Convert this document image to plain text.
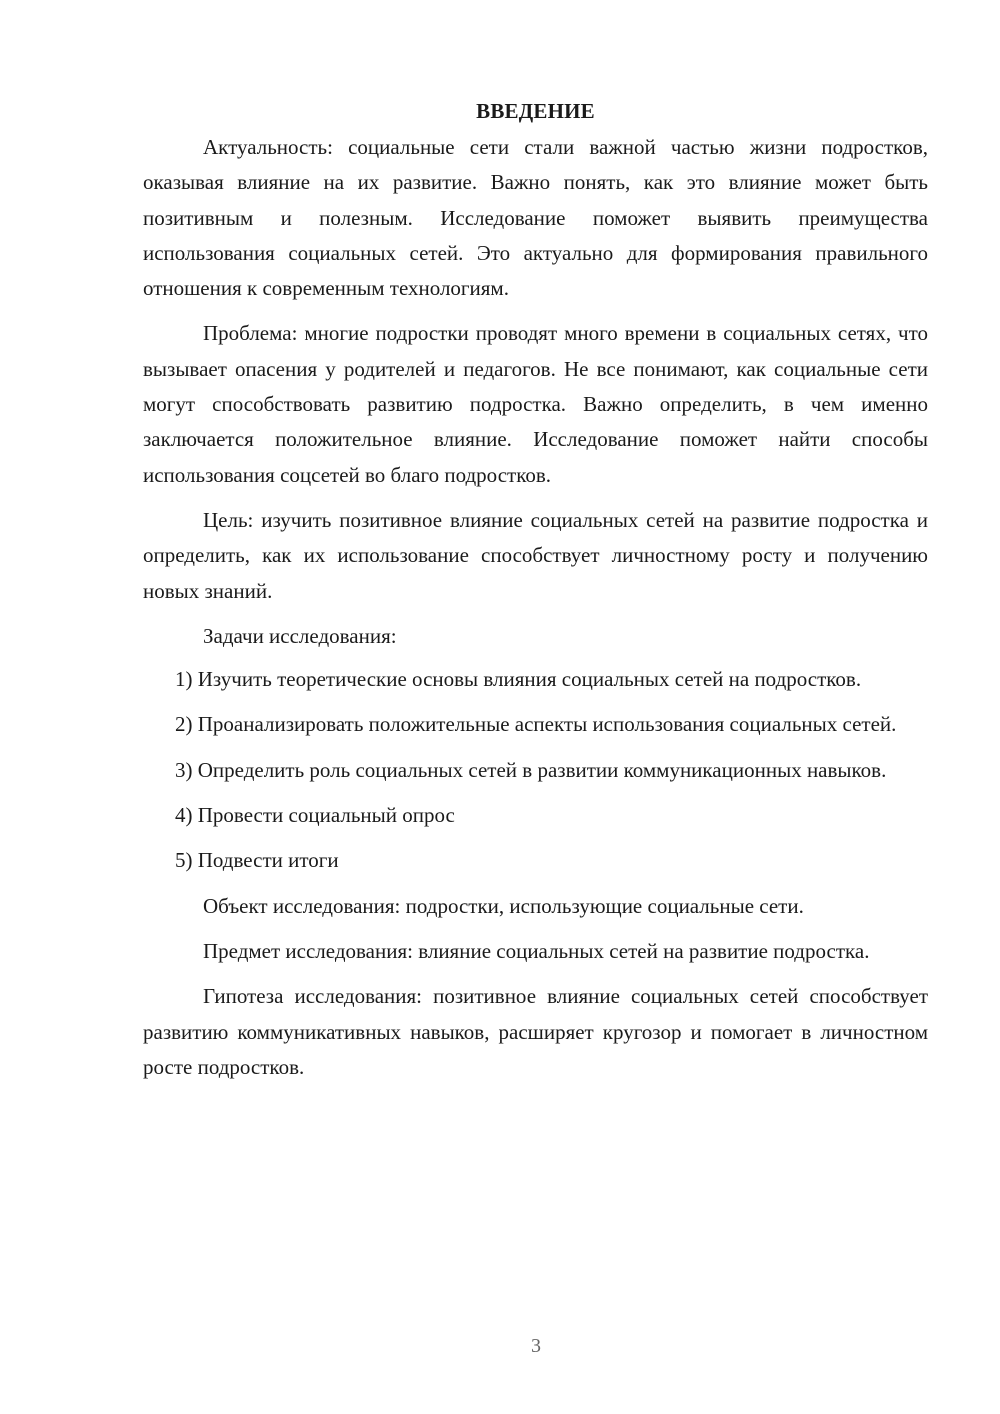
ВВЕДЕНИЕ

Актуальность: социальные сети стали важной частью жизни подростков, оказывая влияние на их развитие. Важно понять, как это влияние может быть позитивным и полезным. Исследование поможет выявить преимущества использования социальных сетей. Это актуально для формирования правильного отношения к современным технологиям.

Проблема: многие подростки проводят много времени в социальных сетях, что вызывает опасения у родителей и педагогов. Не все понимают, как социальные сети могут способствовать развитию подростка. Важно определить, в чем именно заключается положительное влияние. Исследование поможет найти способы использования соцсетей во благо подростков.

Цель: изучить позитивное влияние социальных сетей на развитие подростка и определить, как их использование способствует личностному росту и получению новых знаний.

Задачи исследования:

1) Изучить теоретические основы влияния социальных сетей на подростков.

2) Проанализировать положительные аспекты использования социальных сетей.

3) Определить роль социальных сетей в развитии коммуникационных навыков.

4) Провести социальный опрос

5) Подвести итоги

Объект исследования: подростки, использующие социальные сети.

Предмет исследования: влияние социальных сетей на развитие подростка.

Гипотеза исследования: позитивное влияние социальных сетей способствует развитию коммуникативных навыков, расширяет кругозор и помогает в личностном росте подростков.

3
